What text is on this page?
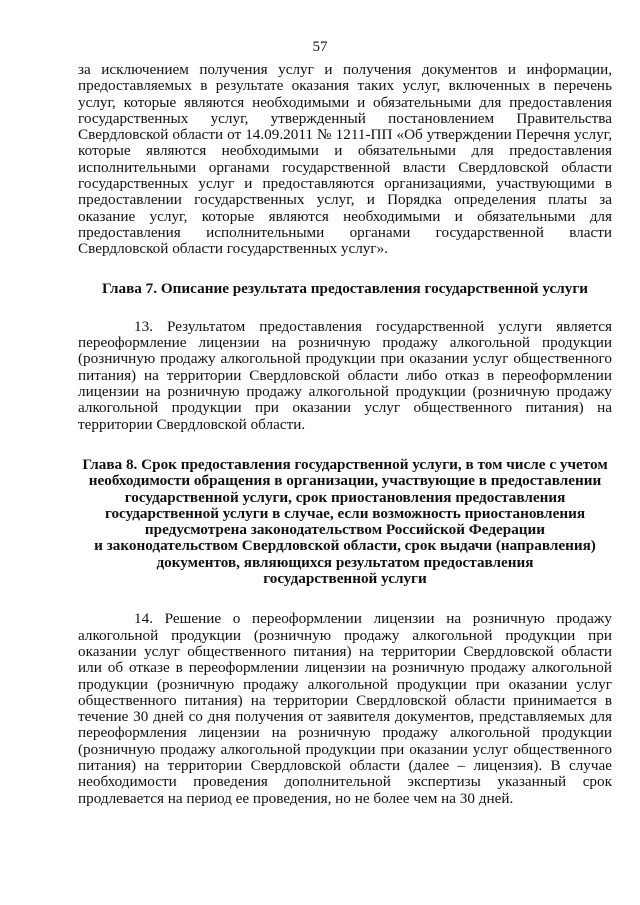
57

за исключением получения услуг и получения документов и информации, предоставляемых в результате оказания таких услуг, включенных в перечень услуг, которые являются необходимыми и обязательными для предоставления государственных услуг, утвержденный постановлением Правительства Свердловской области от 14.09.2011 № 1211-ПП «Об утверждении Перечня услуг, которые являются необходимыми и обязательными для предоставления исполнительными органами государственной власти Свердловской области государственных услуг и предоставляются организациями, участвующими в предоставлении государственных услуг, и Порядка определения платы за оказание услуг, которые являются необходимыми и обязательными для предоставления исполнительными органами государственной власти Свердловской области государственных услуг».

Глава 7. Описание результата предоставления государственной услуги

13. Результатом предоставления государственной услуги является переоформление лицензии на розничную продажу алкогольной продукции (розничную продажу алкогольной продукции при оказании услуг общественного питания) на территории Свердловской области либо отказ в переоформлении лицензии на розничную продажу алкогольной продукции (розничную продажу алкогольной продукции при оказании услуг общественного питания) на территории Свердловской области.

Глава 8. Срок предоставления государственной услуги, в том числе с учетом
необходимости обращения в организации, участвующие в предоставлении
государственной услуги, срок приостановления предоставления
государственной услуги в случае, если возможность приостановления
предусмотрена законодательством Российской Федерации
и законодательством Свердловской области, срок выдачи (направления)
документов, являющихся результатом предоставления
государственной услуги

14. Решение о переоформлении лицензии на розничную продажу алкогольной продукции (розничную продажу алкогольной продукции при оказании услуг общественного питания) на территории Свердловской области или об отказе в переоформлении лицензии на розничную продажу алкогольной продукции (розничную продажу алкогольной продукции при оказании услуг общественного питания) на территории Свердловской области принимается в течение 30 дней со дня получения от заявителя документов, представляемых для переоформления лицензии на розничную продажу алкогольной продукции (розничную продажу алкогольной продукции при оказании услуг общественного питания) на территории Свердловской области (далее – лицензия). В случае необходимости проведения дополнительной экспертизы указанный срок продлевается на период ее проведения, но не более чем на 30 дней.
